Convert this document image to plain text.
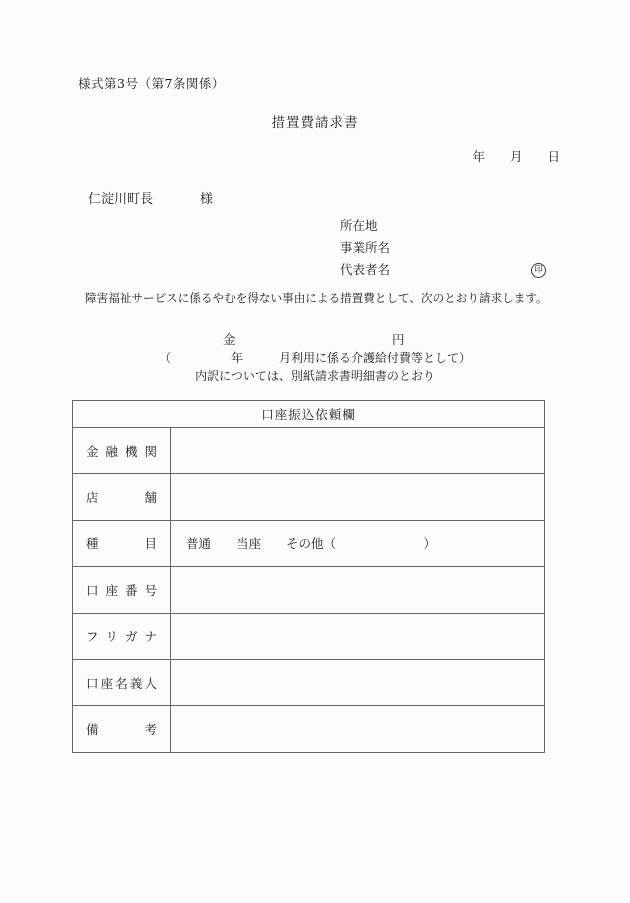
様式第3号（第7条関係）
措置費請求書
年　　月　　日
仁淀川町長	様
所在地
事業所名
代表者名	印
障害福祉サービスに係るやむを得ない事由による措置費として、次のとおり請求します。
金	円
（　　　　　年　　　月利用に係る介護給付費等として）
内訳については、別紙請求書明細書のとおり
口座振込依頼欄	

金 融 機 関	

店 舗	

種 目	普通　　当座　　その他（　　　　　　　）

口 座 番 号	

フ リ ガ ナ	

口 座 名 義 人	

備 考	
